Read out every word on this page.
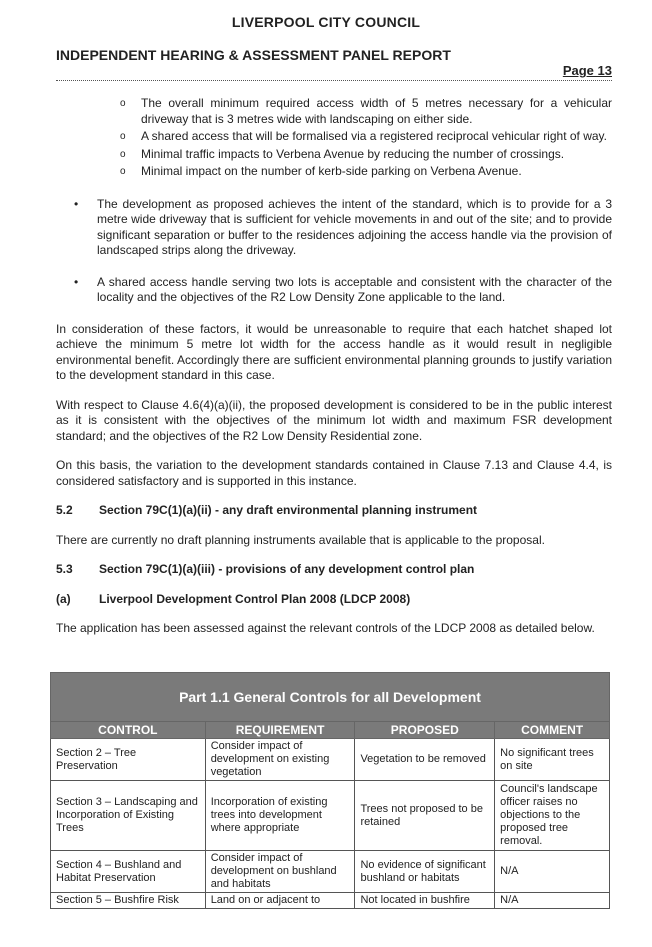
LIVERPOOL CITY COUNCIL
INDEPENDENT HEARING & ASSESSMENT PANEL REPORT
Page 13

o The overall minimum required access width of 5 metres necessary for a vehicular driveway that is 3 metres wide with landscaping on either side.

o A shared access that will be formalised via a registered reciprocal vehicular right of way.

o Minimal traffic impacts to Verbena Avenue by reducing the number of crossings.

o Minimal impact on the number of kerb-side parking on Verbena Avenue.

• The development as proposed achieves the intent of the standard, which is to provide for a 3 metre wide driveway that is sufficient for vehicle movements in and out of the site; and to provide significant separation or buffer to the residences adjoining the access handle via the provision of landscaped strips along the driveway.

• A shared access handle serving two lots is acceptable and consistent with the character of the locality and the objectives of the R2 Low Density Zone applicable to the land.

In consideration of these factors, it would be unreasonable to require that each hatchet shaped lot achieve the minimum 5 metre lot width for the access handle as it would result in negligible environmental benefit. Accordingly there are sufficient environmental planning grounds to justify variation to the development standard in this case.

With respect to Clause 4.6(4)(a)(ii), the proposed development is considered to be in the public interest as it is consistent with the objectives of the minimum lot width and maximum FSR development standard; and the objectives of the R2 Low Density Residential zone.

On this basis, the variation to the development standards contained in Clause 7.13 and Clause 4.4, is considered satisfactory and is supported in this instance.

5.2 Section 79C(1)(a)(ii) - any draft environmental planning instrument

There are currently no draft planning instruments available that is applicable to the proposal.

5.3 Section 79C(1)(a)(iii) - provisions of any development control plan

(a) Liverpool Development Control Plan 2008 (LDCP 2008)

The application has been assessed against the relevant controls of the LDCP 2008 as detailed below.

Part 1.1 General Controls for all Development			
CONTROL	REQUIREMENT	PROPOSED	COMMENT
Section 2 – Tree Preservation	Consider impact of development on existing vegetation	Vegetation to be removed	No significant trees on site
Section 3 – Landscaping and Incorporation of Existing Trees	Incorporation of existing trees into development where appropriate	Trees not proposed to be retained	Council's landscape officer raises no objections to the proposed tree removal.
Section 4 – Bushland and Habitat Preservation	Consider impact of development on bushland and habitats	No evidence of significant bushland or habitats	N/A
Section 5 – Bushfire Risk	Land on or adjacent to	Not located in bushfire	N/A
